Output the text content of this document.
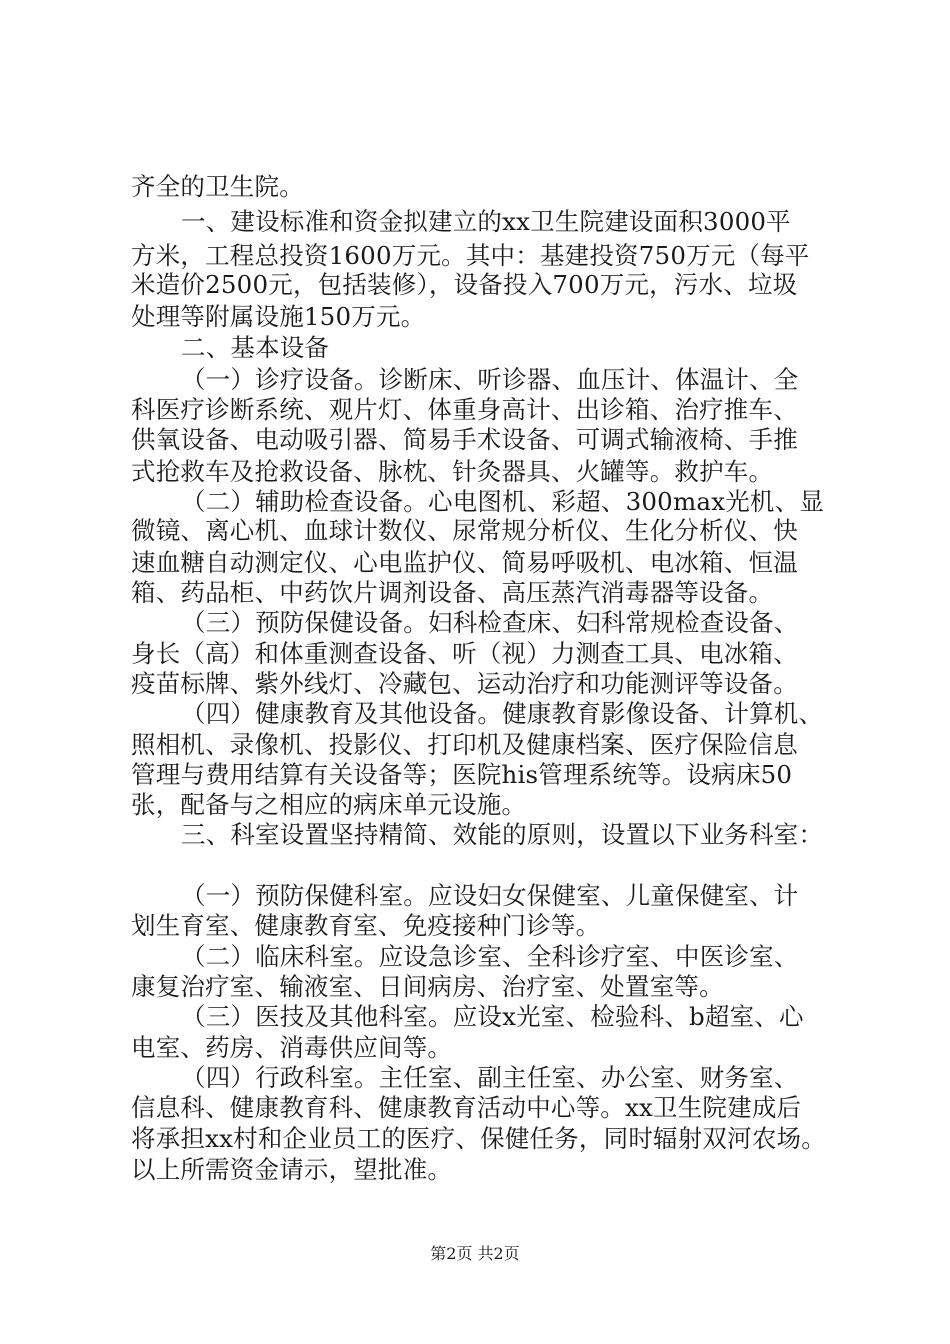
齐全的卫生院。
一、建设标准和资金拟建立的xx卫生院建设面积3000平
方米，工程总投资1600万元。其中：基建投资750万元（每平
米造价2500元，包括装修），设备投入700万元，污水、垃圾
处理等附属设施150万元。
二、基本设备
（一）诊疗设备。诊断床、听诊器、血压计、体温计、全
科医疗诊断系统、观片灯、体重身高计、出诊箱、治疗推车、
供氧设备、电动吸引器、简易手术设备、可调式输液椅、手推
式抢救车及抢救设备、脉枕、针灸器具、火罐等。救护车。
（二）辅助检查设备。心电图机、彩超、300max光机、显
微镜、离心机、血球计数仪、尿常规分析仪、生化分析仪、快
速血糖自动测定仪、心电监护仪、简易呼吸机、电冰箱、恒温
箱、药品柜、中药饮片调剂设备、高压蒸汽消毒器等设备。
（三）预防保健设备。妇科检查床、妇科常规检查设备、
身长（高）和体重测查设备、听（视）力测查工具、电冰箱、
疫苗标牌、紫外线灯、冷藏包、运动治疗和功能测评等设备。
（四）健康教育及其他设备。健康教育影像设备、计算机、
照相机、录像机、投影仪、打印机及健康档案、医疗保险信息
管理与费用结算有关设备等；医院his管理系统等。设病床50
张，配备与之相应的病床单元设施。
三、科室设置坚持精简、效能的原则，设置以下业务科室：
（一）预防保健科室。应设妇女保健室、儿童保健室、计
划生育室、健康教育室、免疫接种门诊等。
（二）临床科室。应设急诊室、全科诊疗室、中医诊室、
康复治疗室、输液室、日间病房、治疗室、处置室等。
（三）医技及其他科室。应设x光室、检验科、b超室、心
电室、药房、消毒供应间等。
（四）行政科室。主任室、副主任室、办公室、财务室、
信息科、健康教育科、健康教育活动中心等。xx卫生院建成后
将承担xx村和企业员工的医疗、保健任务，同时辐射双河农场。
以上所需资金请示，望批准。
第2页 共2页
